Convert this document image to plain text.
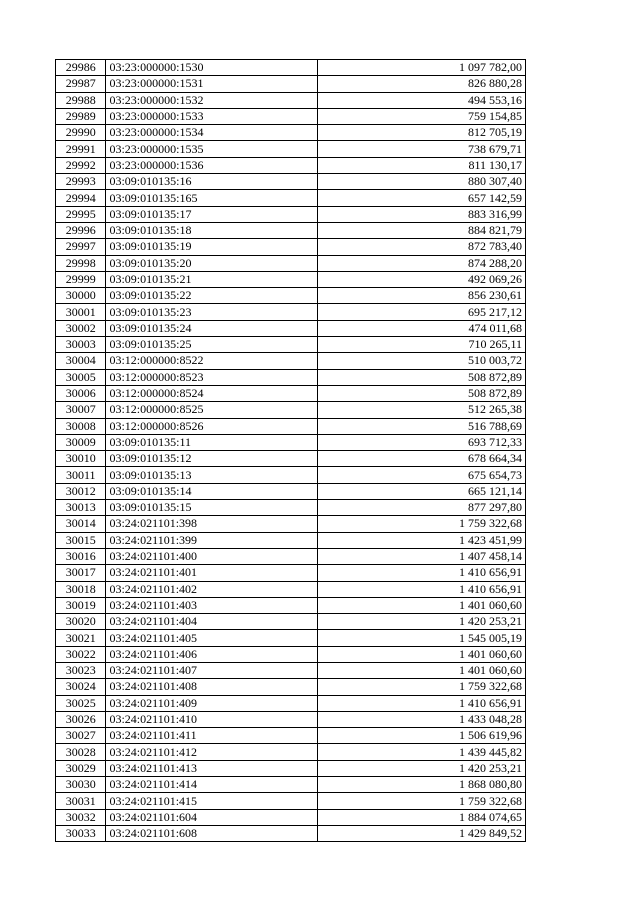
29986	03:23:000000:1530	1 097 782,00
29987	03:23:000000:1531	826 880,28
29988	03:23:000000:1532	494 553,16
29989	03:23:000000:1533	759 154,85
29990	03:23:000000:1534	812 705,19
29991	03:23:000000:1535	738 679,71
29992	03:23:000000:1536	811 130,17
29993	03:09:010135:16	880 307,40
29994	03:09:010135:165	657 142,59
29995	03:09:010135:17	883 316,99
29996	03:09:010135:18	884 821,79
29997	03:09:010135:19	872 783,40
29998	03:09:010135:20	874 288,20
29999	03:09:010135:21	492 069,26
30000	03:09:010135:22	856 230,61
30001	03:09:010135:23	695 217,12
30002	03:09:010135:24	474 011,68
30003	03:09:010135:25	710 265,11
30004	03:12:000000:8522	510 003,72
30005	03:12:000000:8523	508 872,89
30006	03:12:000000:8524	508 872,89
30007	03:12:000000:8525	512 265,38
30008	03:12:000000:8526	516 788,69
30009	03:09:010135:11	693 712,33
30010	03:09:010135:12	678 664,34
30011	03:09:010135:13	675 654,73
30012	03:09:010135:14	665 121,14
30013	03:09:010135:15	877 297,80
30014	03:24:021101:398	1 759 322,68
30015	03:24:021101:399	1 423 451,99
30016	03:24:021101:400	1 407 458,14
30017	03:24:021101:401	1 410 656,91
30018	03:24:021101:402	1 410 656,91
30019	03:24:021101:403	1 401 060,60
30020	03:24:021101:404	1 420 253,21
30021	03:24:021101:405	1 545 005,19
30022	03:24:021101:406	1 401 060,60
30023	03:24:021101:407	1 401 060,60
30024	03:24:021101:408	1 759 322,68
30025	03:24:021101:409	1 410 656,91
30026	03:24:021101:410	1 433 048,28
30027	03:24:021101:411	1 506 619,96
30028	03:24:021101:412	1 439 445,82
30029	03:24:021101:413	1 420 253,21
30030	03:24:021101:414	1 868 080,80
30031	03:24:021101:415	1 759 322,68
30032	03:24:021101:604	1 884 074,65
30033	03:24:021101:608	1 429 849,52
